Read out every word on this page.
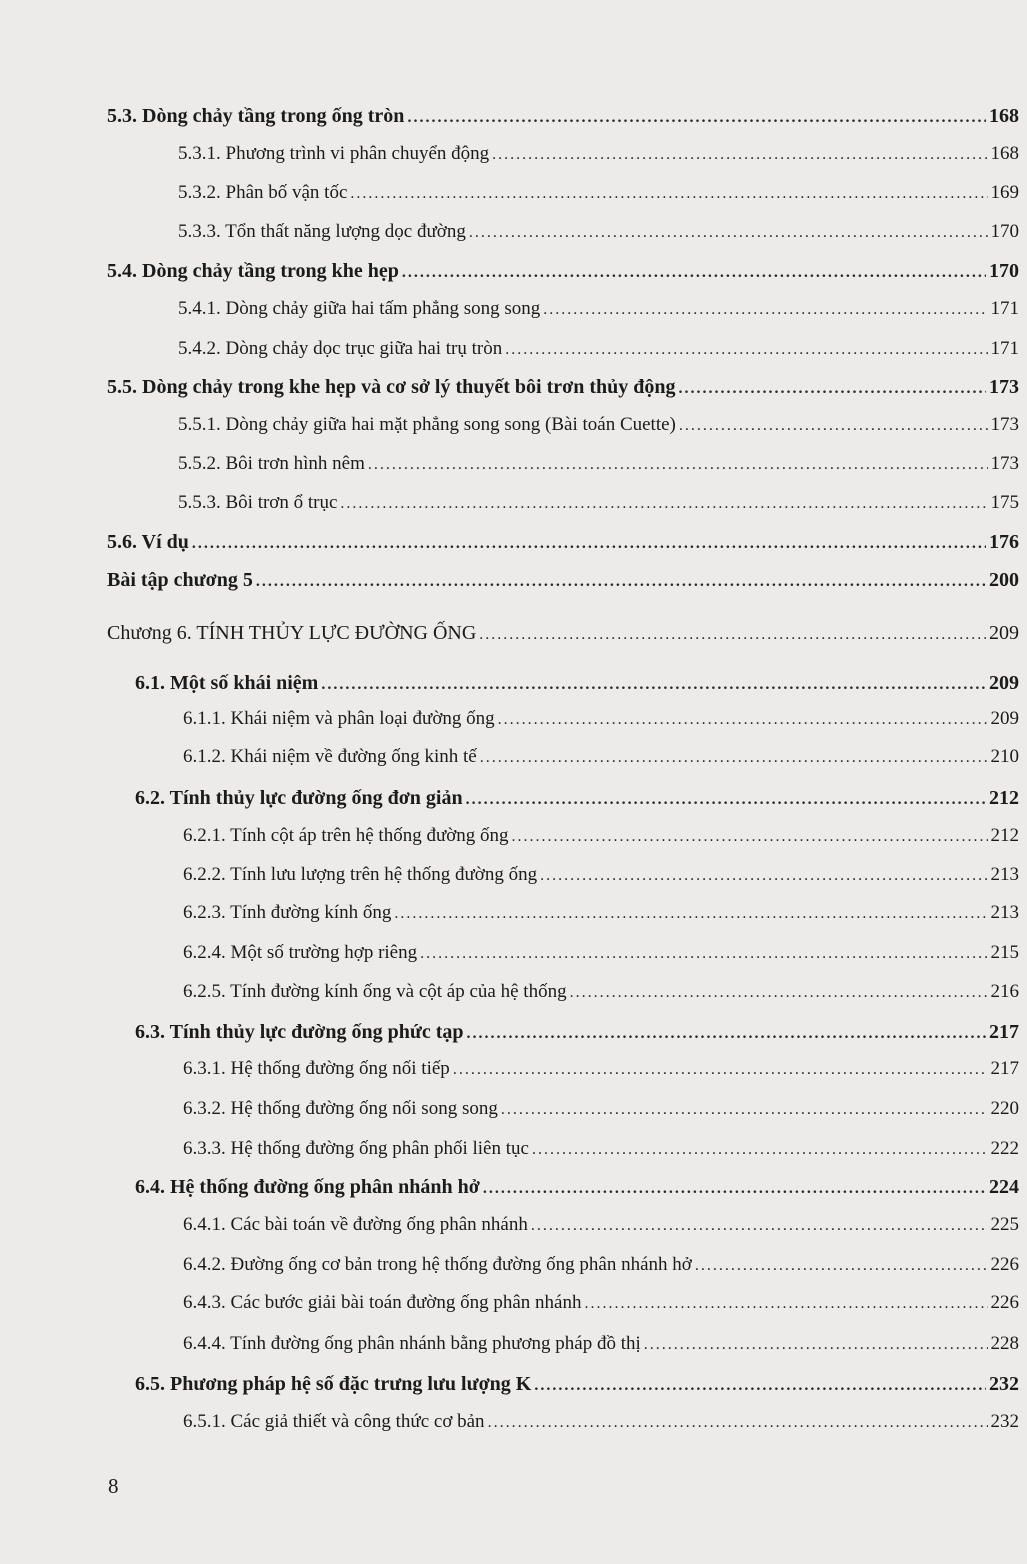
5.3. Dòng chảy tầng trong ống tròn .....	168
5.3.1. Phương trình vi phân chuyển động .....	168
5.3.2. Phân bố vận tốc .....	169
5.3.3. Tổn thất năng lượng dọc đường .....	170
5.4. Dòng chảy tầng trong khe hẹp .....	170
5.4.1. Dòng chảy giữa hai tấm phẳng song song .....	171
5.4.2. Dòng chảy dọc trục giữa hai trụ tròn .....	171
5.5. Dòng chảy trong khe hẹp và cơ sở lý thuyết bôi trơn thủy động .....	173
5.5.1. Dòng chảy giữa hai mặt phẳng song song (Bài toán Cuette) .....	173
5.5.2. Bôi trơn hình nêm .....	173
5.5.3. Bôi trơn ổ trục .....	175
5.6. Ví dụ .....	176
Bài tập chương 5 .....	200
Chương 6. TÍNH THỦY LỰC ĐƯỜNG ỐNG .....	209
6.1. Một số khái niệm .....	209
6.1.1. Khái niệm và phân loại đường ống .....	209
6.1.2. Khái niệm về đường ống kinh tế .....	210
6.2. Tính thủy lực đường ống đơn giản .....	212
6.2.1. Tính cột áp trên hệ thống đường ống .....	212
6.2.2. Tính lưu lượng trên hệ thống đường ống .....	213
6.2.3. Tính đường kính ống .....	213
6.2.4. Một số trường hợp riêng .....	215
6.2.5. Tính đường kính ống và cột áp của hệ thống .....	216
6.3. Tính thủy lực đường ống phức tạp .....	217
6.3.1. Hệ thống đường ống nối tiếp .....	217
6.3.2. Hệ thống đường ống nối song song .....	220
6.3.3. Hệ thống đường ống phân phối liên tục .....	222
6.4. Hệ thống đường ống phân nhánh hở .....	224
6.4.1. Các bài toán về đường ống phân nhánh .....	225
6.4.2. Đường ống cơ bản trong hệ thống đường ống phân nhánh hở .....	226
6.4.3. Các bước giải bài toán đường ống phân nhánh .....	226
6.4.4. Tính đường ống phân nhánh bằng phương pháp đồ thị .....	228
6.5. Phương pháp hệ số đặc trưng lưu lượng K .....	232
6.5.1. Các giả thiết và công thức cơ bản .....	232
8
